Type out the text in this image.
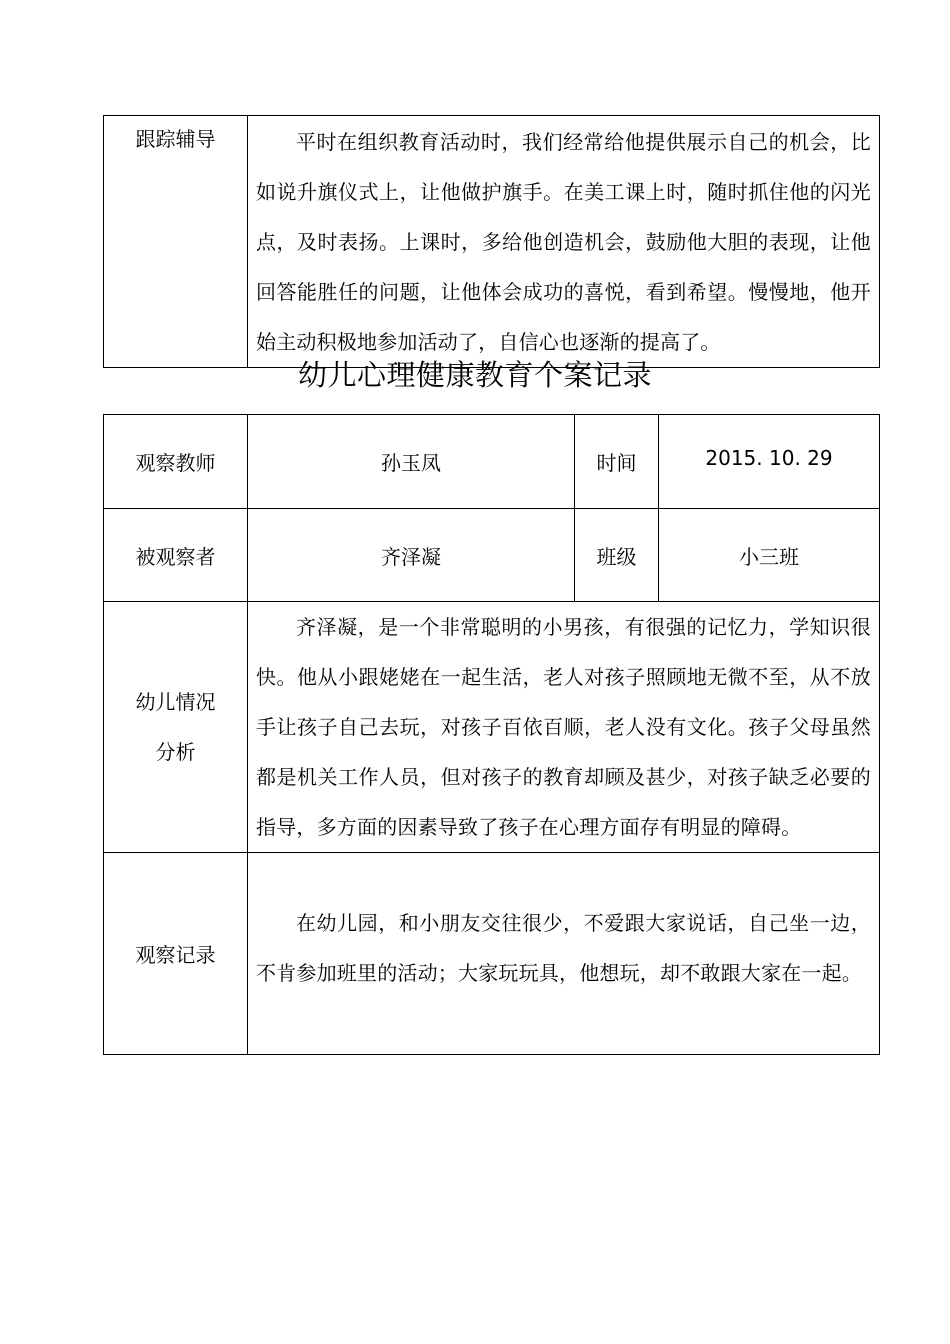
跟踪辅导	平时在组织教育活动时，我们经常给他提供展示自己的机会，比如说升旗仪式上，让他做护旗手。在美工课上时，随时抓住他的闪光点，及时表扬。上课时，多给他创造机会，鼓励他大胆的表现，让他回答能胜任的问题，让他体会成功的喜悦，看到希望。慢慢地，他开始主动积极地参加活动了，自信心也逐渐的提高了。

幼儿心理健康教育个案记录
观察教师	孙玉凤	时间	2015. 10. 29
被观察者	齐泽凝	班级	小三班

幼儿情况
分析	齐泽凝，是一个非常聪明的小男孩，有很强的记忆力，学知识很快。他从小跟姥姥在一起生活，老人对孩子照顾地无微不至，从不放手让孩子自己去玩，对孩子百依百顺，老人没有文化。孩子父母虽然都是机关工作人员，但对孩子的教育却顾及甚少，对孩子缺乏必要的指导，多方面的因素导致了孩子在心理方面存有明显的障碍。		

观察记录	在幼儿园，和小朋友交往很少，不爱跟大家说话，自己坐一边，不肯参加班里的活动；大家玩玩具，他想玩，却不敢跟大家在一起。		
